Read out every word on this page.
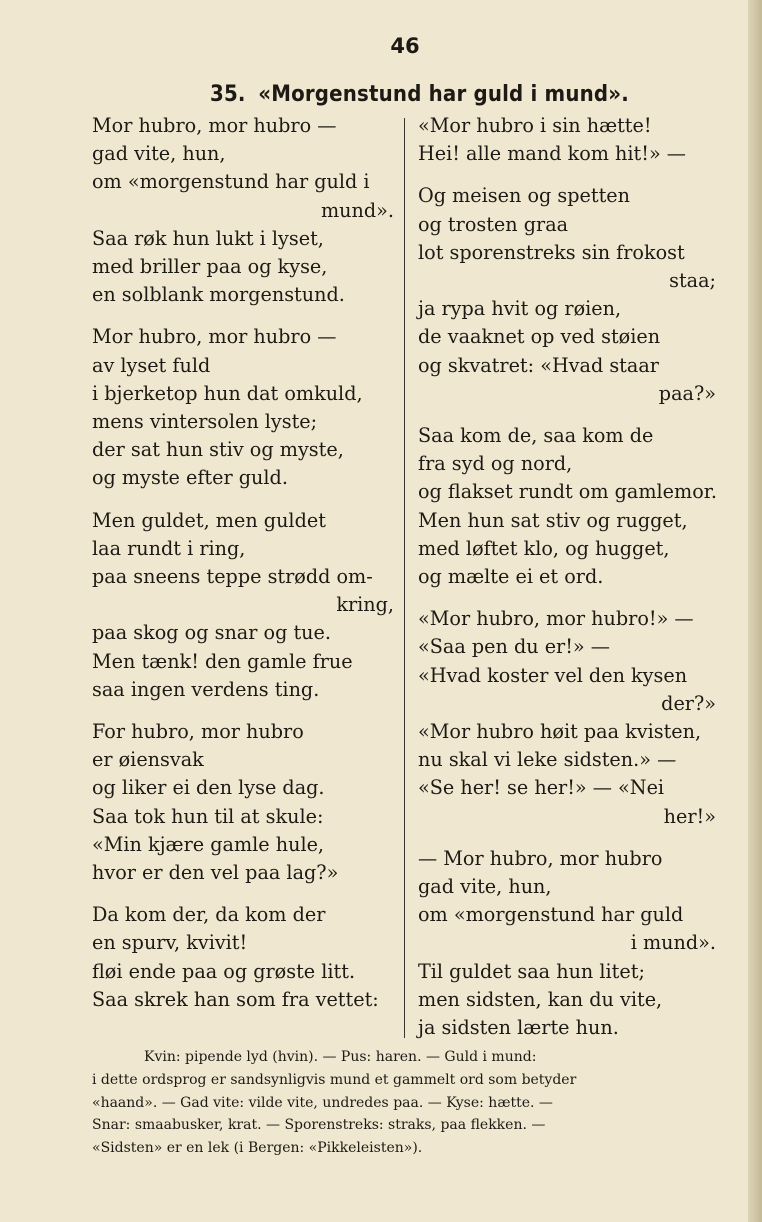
46
35. «Morgenstund har guld i mund».
Mor hubro, mor hubro —
gad vite, hun,
om «morgenstund har guld i
mund».
Saa røk hun lukt i lyset,
med briller paa og kyse,
en solblank morgenstund.
Mor hubro, mor hubro —
av lyset fuld
i bjerketop hun dat omkuld,
mens vintersolen lyste;
der sat hun stiv og myste,
og myste efter guld.
Men guldet, men guldet
laa rundt i ring,
paa sneens teppe strødd om-
kring,
paa skog og snar og tue.
Men tænk! den gamle frue
saa ingen verdens ting.
For hubro, mor hubro
er øiensvak
og liker ei den lyse dag.
Saa tok hun til at skule:
«Min kjære gamle hule,
hvor er den vel paa lag?»
Da kom der, da kom der
en spurv, kvivit!
fløi ende paa og grøste litt.
Saa skrek han som fra vettet:
«Mor hubro i sin hætte!
Hei! alle mand kom hit!» —
Og meisen og spetten
og trosten graa
lot sporenstreks sin frokost
staa;
ja rypa hvit og røien,
de vaaknet op ved støien
og skvatret: «Hvad staar
paa?»
Saa kom de, saa kom de
fra syd og nord,
og flakset rundt om gamlemor.
Men hun sat stiv og rugget,
med løftet klo, og hugget,
og mælte ei et ord.
«Mor hubro, mor hubro!» —
«Saa pen du er!» —
«Hvad koster vel den kysen
der?»
«Mor hubro høit paa kvisten,
nu skal vi leke sidsten.» —
«Se her! se her!» — «Nei
her!»
— Mor hubro, mor hubro
gad vite, hun,
om «morgenstund har guld
i mund».
Til guldet saa hun litet;
men sidsten, kan du vite,
ja sidsten lærte hun.
Kvin: pipende lyd (hvin). — Pus: haren. — Guld i mund:
i dette ordsprog er sandsynligvis mund et gammelt ord som betyder
«haand». — Gad vite: vilde vite, undredes paa. — Kyse: hætte. —
Snar: smaabusker, krat. — Sporenstreks: straks, paa flekken. —
«Sidsten» er en lek (i Bergen: «Pikkeleisten»).
